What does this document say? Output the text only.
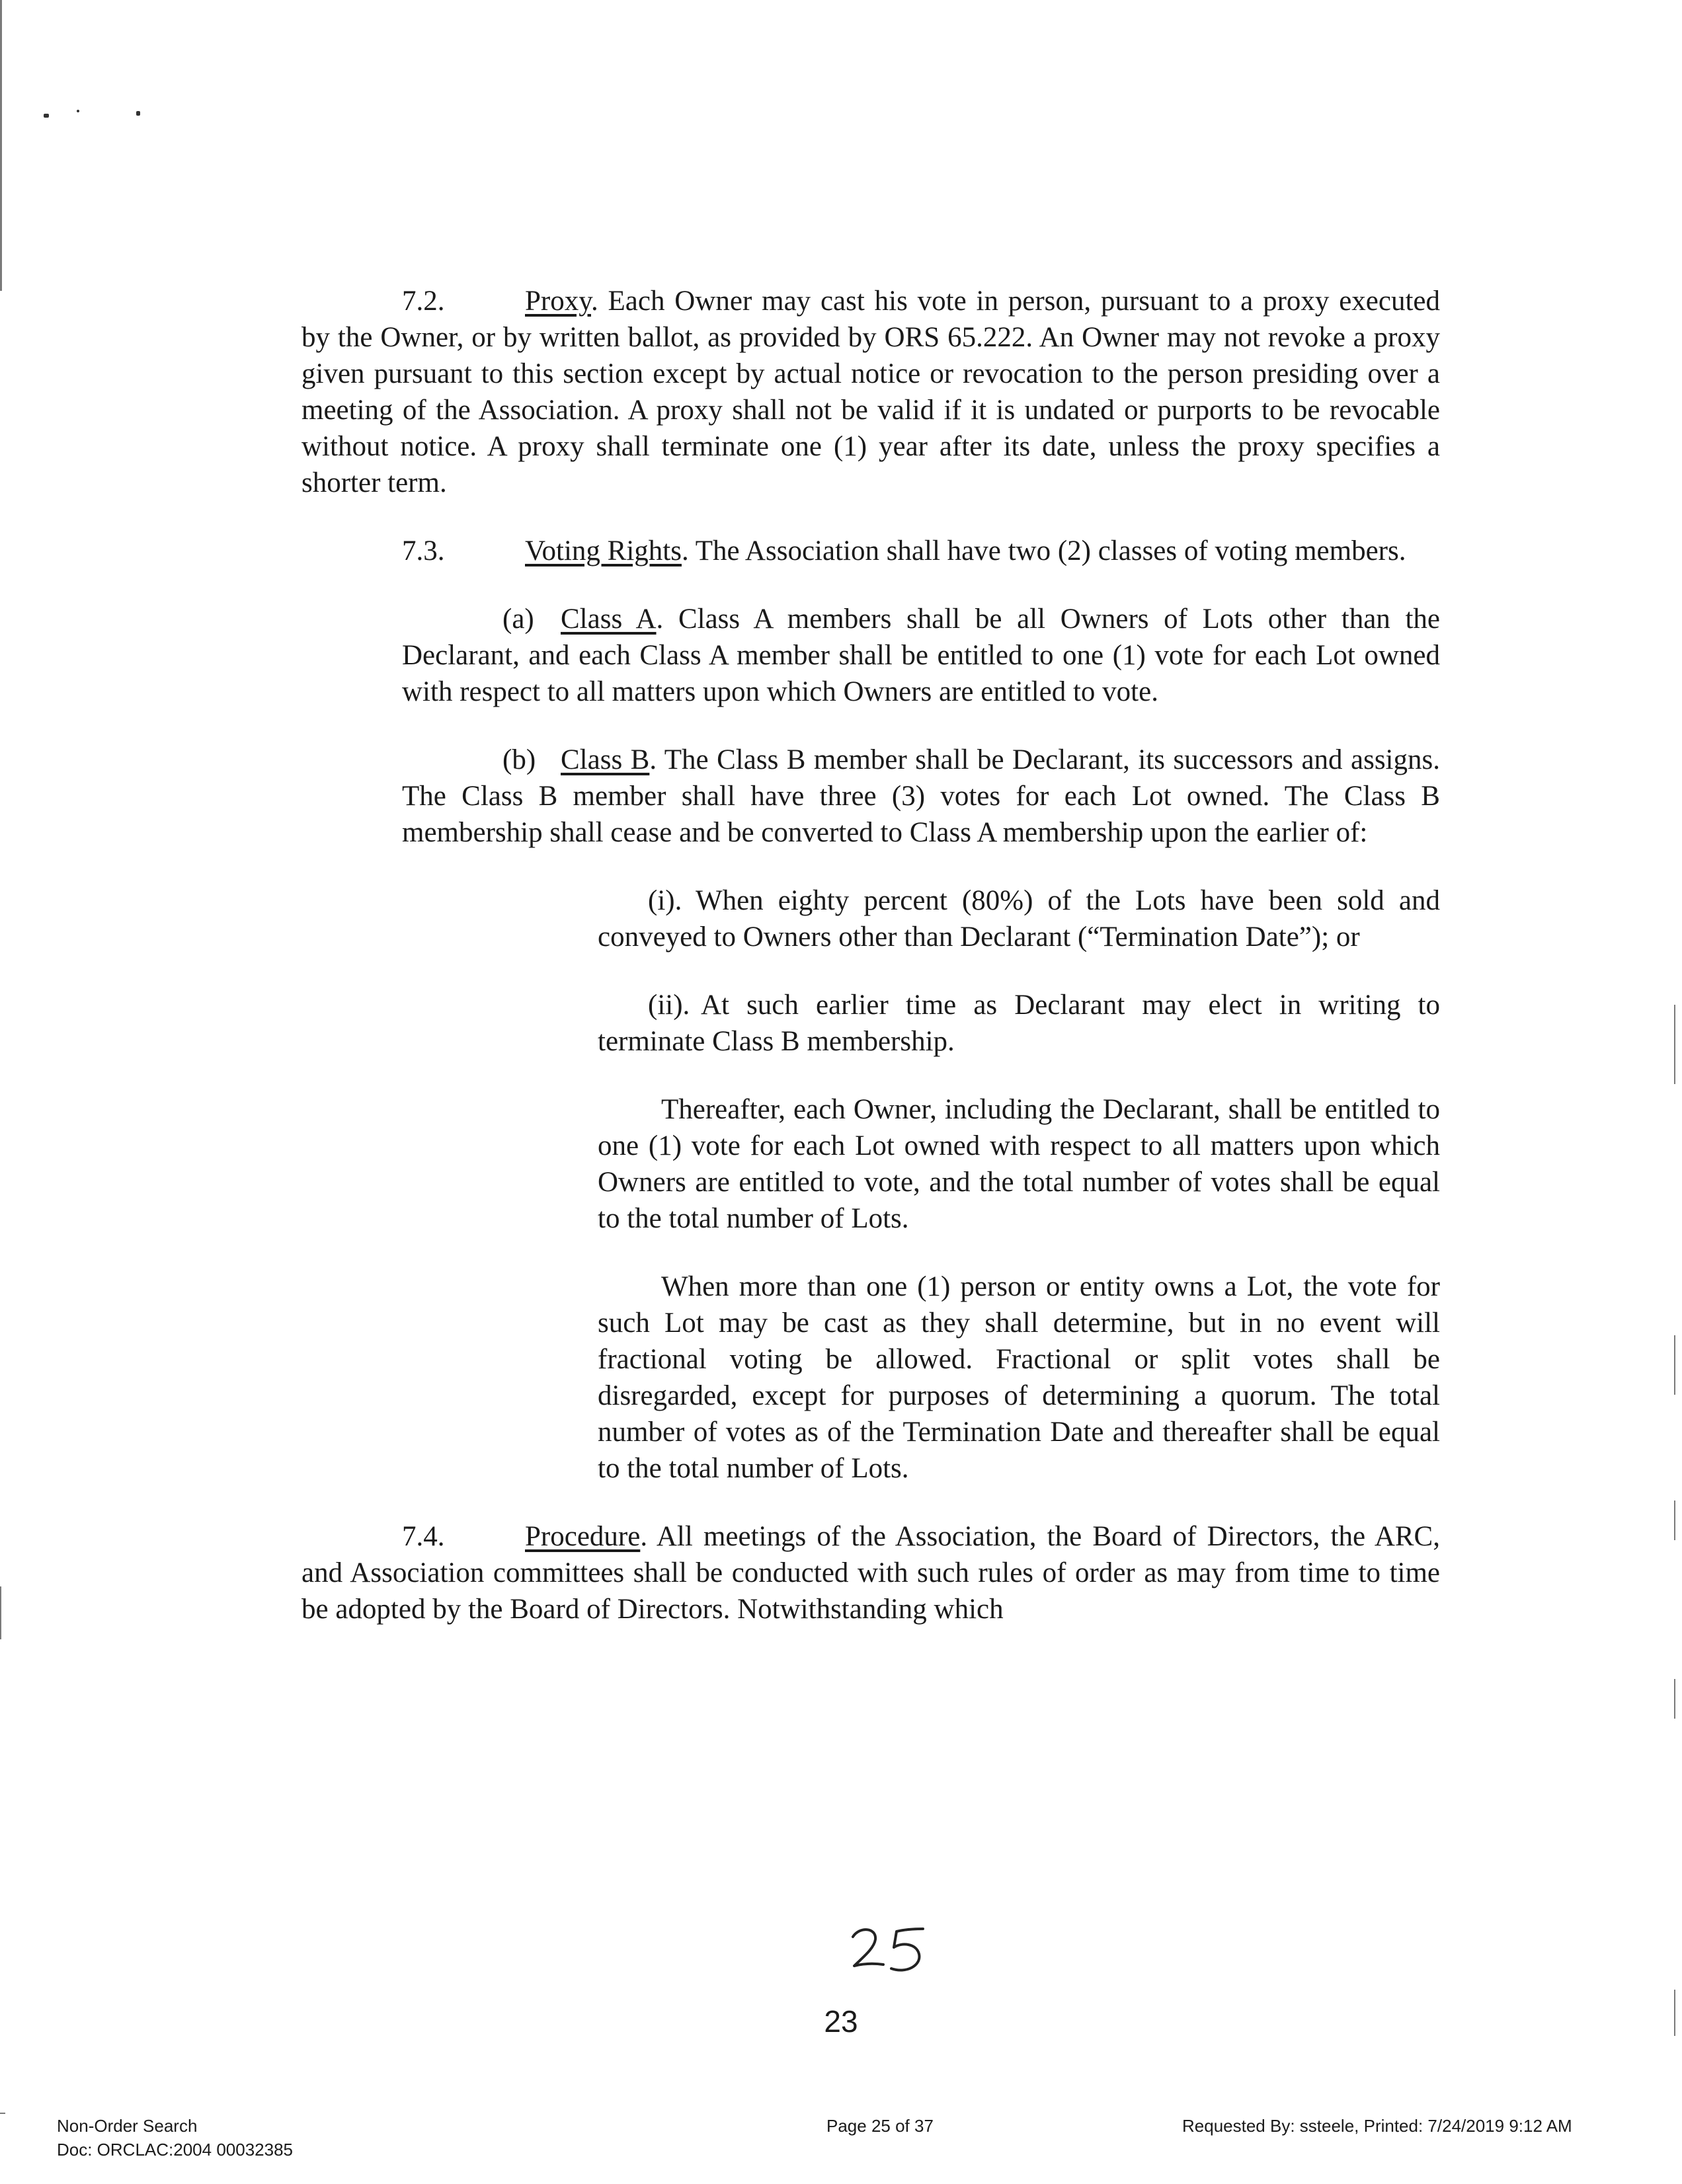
7.2.	Proxy. Each Owner may cast his vote in person, pursuant to a proxy executed by the Owner, or by written ballot, as provided by ORS 65.222. An Owner may not revoke a proxy given pursuant to this section except by actual notice or revocation to the person presiding over a meeting of the Association. A proxy shall not be valid if it is undated or purports to be revocable without notice. A proxy shall terminate one (1) year after its date, unless the proxy specifies a shorter term.

7.3.	Voting Rights. The Association shall have two (2) classes of voting members.

(a) Class A. Class A members shall be all Owners of Lots other than the Declarant, and each Class A member shall be entitled to one (1) vote for each Lot owned with respect to all matters upon which Owners are entitled to vote.

(b) Class B. The Class B member shall be Declarant, its successors and assigns. The Class B member shall have three (3) votes for each Lot owned. The Class B membership shall cease and be converted to Class A membership upon the earlier of:

(i). When eighty percent (80%) of the Lots have been sold and conveyed to Owners other than Declarant (“Termination Date”); or

(ii). At such earlier time as Declarant may elect in writing to terminate Class B membership.

Thereafter, each Owner, including the Declarant, shall be entitled to one (1) vote for each Lot owned with respect to all matters upon which Owners are entitled to vote, and the total number of votes shall be equal to the total number of Lots.

When more than one (1) person or entity owns a Lot, the vote for such Lot may be cast as they shall determine, but in no event will fractional voting be allowed. Fractional or split votes shall be disregarded, except for purposes of determining a quorum. The total number of votes as of the Termination Date and thereafter shall be equal to the total number of Lots.

7.4.	Procedure. All meetings of the Association, the Board of Directors, the ARC, and Association committees shall be conducted with such rules of order as may from time to time be adopted by the Board of Directors. Notwithstanding which

23
Non-Order Search
Doc: ORCLAC:2004 00032385
Page 25 of 37	Requested By: ssteele, Printed: 7/24/2019 9:12 AM
